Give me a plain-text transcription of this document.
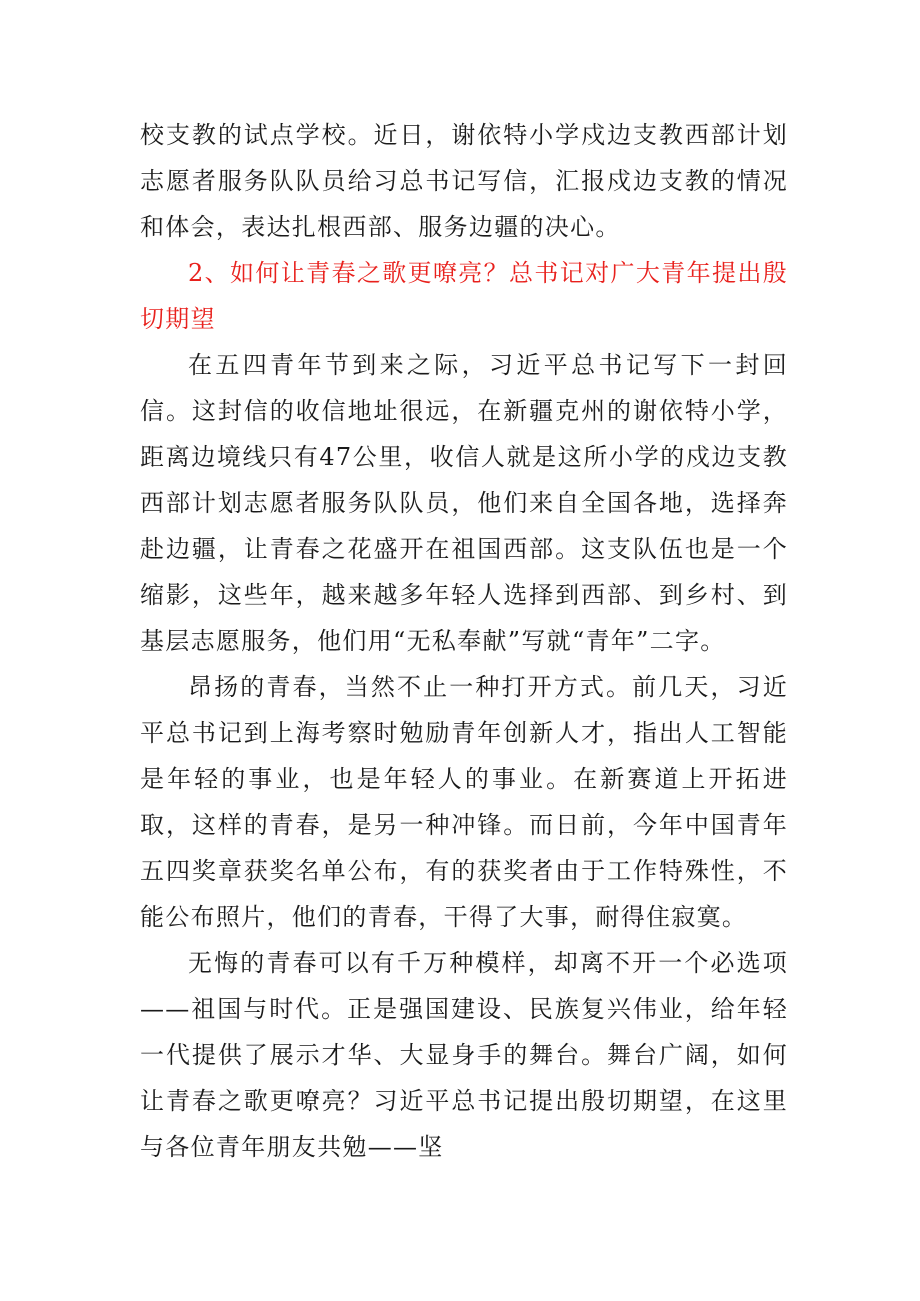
校支教的试点学校。近日，谢依特小学戍边支教西部计划志愿者服务队队员给习总书记写信，汇报戍边支教的情况和体会，表达扎根西部、服务边疆的决心。

2、如何让青春之歌更嘹亮？总书记对广大青年提出殷切期望

在五四青年节到来之际，习近平总书记写下一封回信。这封信的收信地址很远，在新疆克州的谢依特小学，距离边境线只有47公里，收信人就是这所小学的戍边支教西部计划志愿者服务队队员，他们来自全国各地，选择奔赴边疆，让青春之花盛开在祖国西部。这支队伍也是一个缩影，这些年，越来越多年轻人选择到西部、到乡村、到基层志愿服务，他们用“无私奉献”写就“青年”二字。

昂扬的青春，当然不止一种打开方式。前几天，习近平总书记到上海考察时勉励青年创新人才，指出人工智能是年轻的事业，也是年轻人的事业。在新赛道上开拓进取，这样的青春，是另一种冲锋。而日前，今年中国青年五四奖章获奖名单公布，有的获奖者由于工作特殊性，不能公布照片，他们的青春，干得了大事，耐得住寂寞。

无悔的青春可以有千万种模样，却离不开一个必选项——祖国与时代。正是强国建设、民族复兴伟业，给年轻一代提供了展示才华、大显身手的舞台。舞台广阔，如何让青春之歌更嘹亮？习近平总书记提出殷切期望，在这里与各位青年朋友共勉——坚
